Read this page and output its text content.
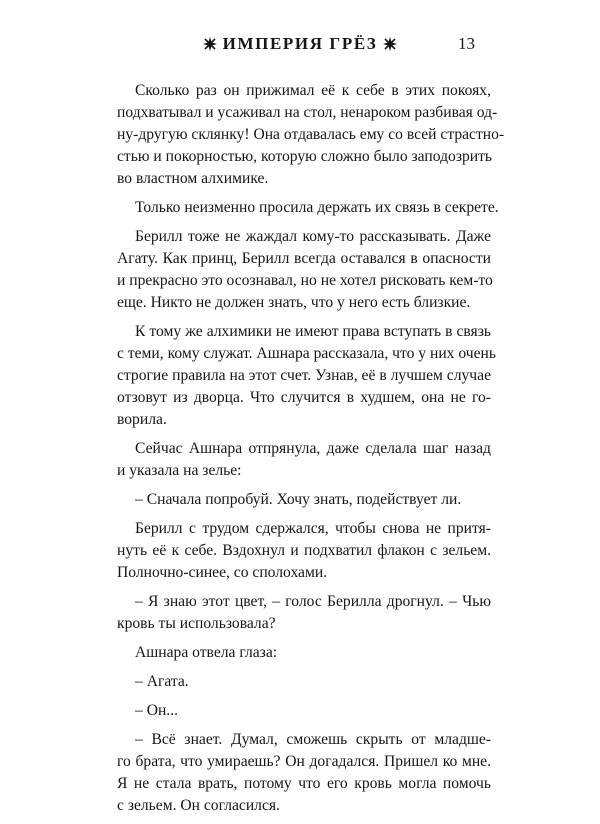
ИМПЕРИЯ ГРЁЗ	13
Сколько раз он прижимал её к себе в этих покоях,
подхватывал и усаживал на стол, ненароком разбивая од-
ну-другую склянку! Она отдавалась ему со всей страстно-
стью и покорностью, которую сложно было заподозрить
во властном алхимике.
Только неизменно просила держать их связь в секрете.
Берилл тоже не жаждал кому-то рассказывать. Даже
Агату. Как принц, Берилл всегда оставался в опасности
и прекрасно это осознавал, но не хотел рисковать кем-то
еще. Никто не должен знать, что у него есть близкие.
К тому же алхимики не имеют права вступать в связь
с теми, кому служат. Ашнара рассказала, что у них очень
строгие правила на этот счет. Узнав, её в лучшем случае
отзовут из дворца. Что случится в худшем, она не го-
ворила.
Сейчас Ашнара отпрянула, даже сделала шаг назад
и указала на зелье:
– Сначала попробуй. Хочу знать, подействует ли.
Берилл с трудом сдержался, чтобы снова не притя-
нуть её к себе. Вздохнул и подхватил флакон с зельем.
Полночно-синее, со сполохами.
– Я знаю этот цвет, – голос Берилла дрогнул. – Чью
кровь ты использовала?
Ашнара отвела глаза:
– Агата.
– Он...
– Всё знает. Думал, сможешь скрыть от младше-
го брата, что умираешь? Он догадался. Пришел ко мне.
Я не стала врать, потому что его кровь могла помочь
с зельем. Он согласился.
